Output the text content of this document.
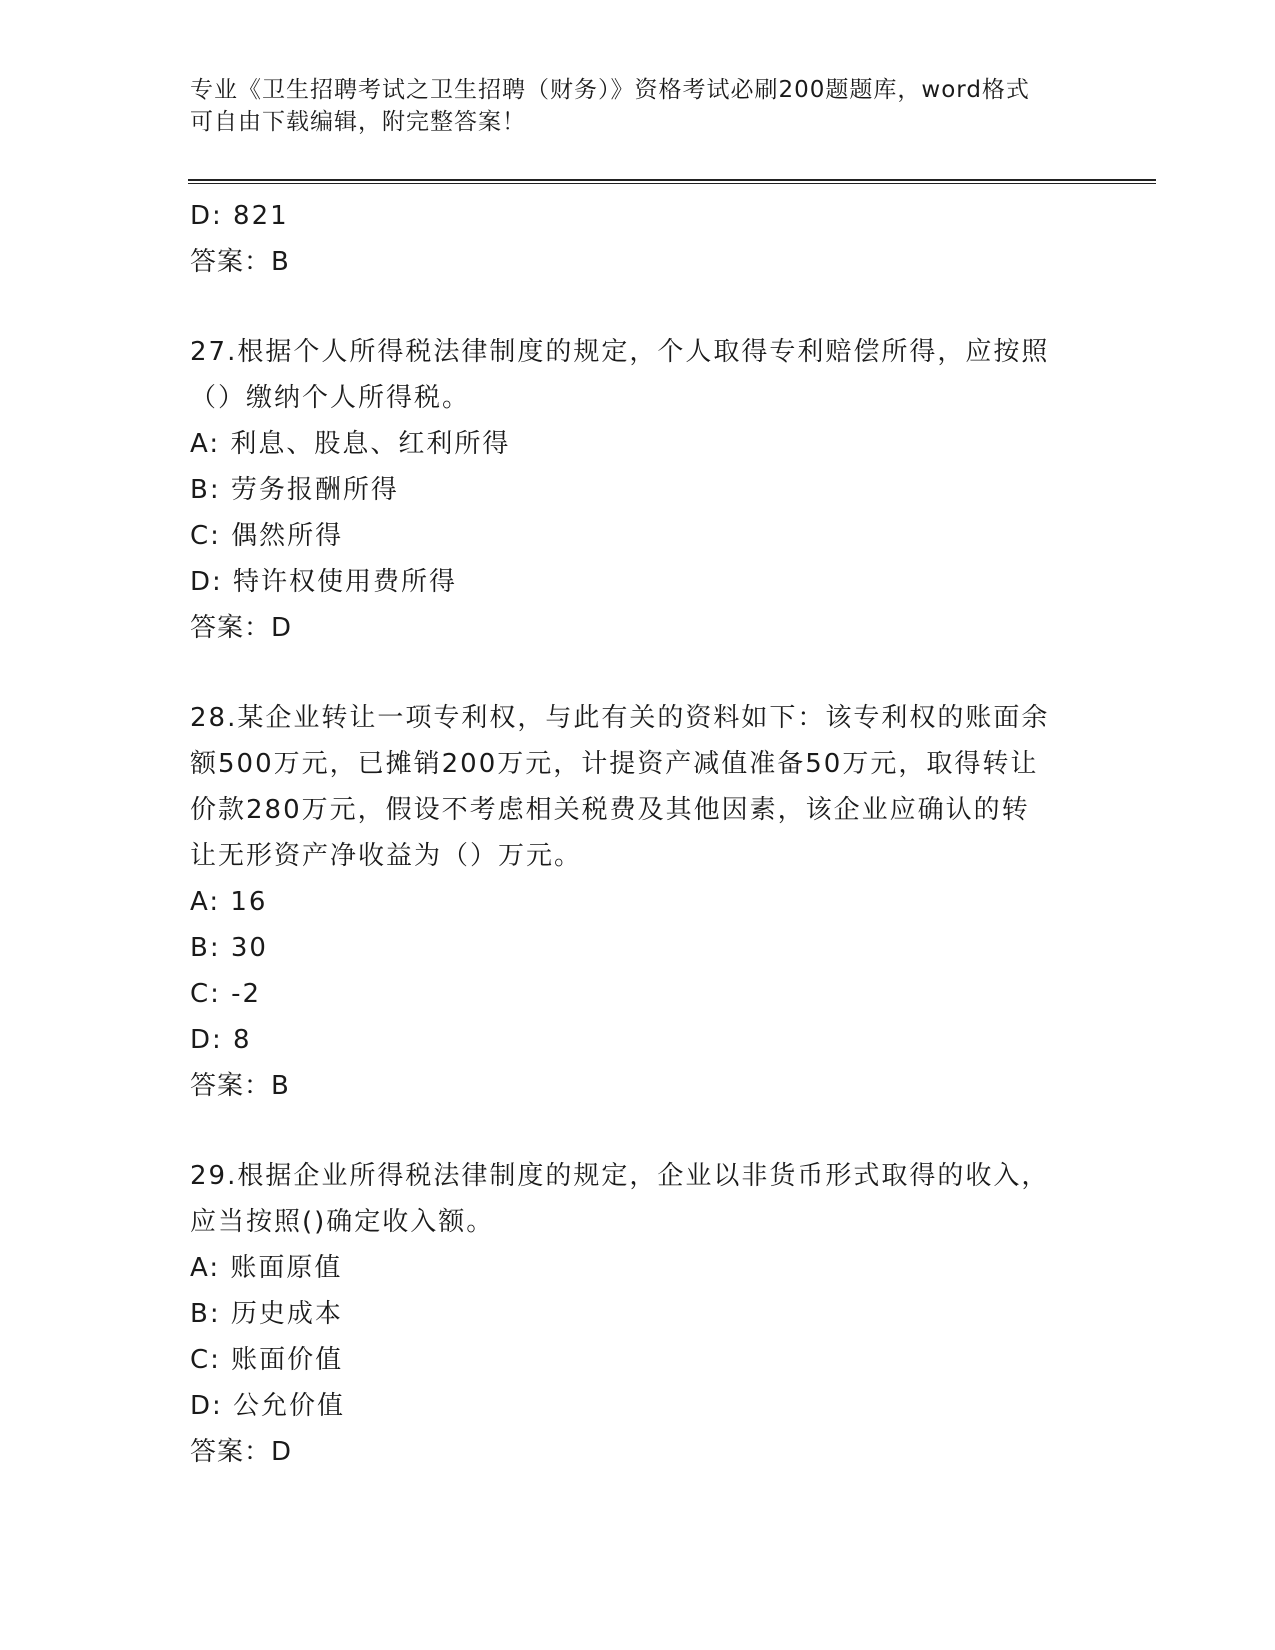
专业《卫生招聘考试之卫生招聘（财务）》资格考试必刷200题题库，word格式
可自由下载编辑，附完整答案！
D: 821
答案：B
27.根据个人所得税法律制度的规定，个人取得专利赔偿所得，应按照
（）缴纳个人所得税。
A: 利息、股息、红利所得
B: 劳务报酬所得
C: 偶然所得
D: 特许权使用费所得
答案：D
28.某企业转让一项专利权，与此有关的资料如下：该专利权的账面余
额500万元，已摊销200万元，计提资产减值准备50万元，取得转让
价款280万元，假设不考虑相关税费及其他因素，该企业应确认的转
让无形资产净收益为（）万元。
A: 16
B: 30
C: -2
D: 8
答案：B
29.根据企业所得税法律制度的规定，企业以非货币形式取得的收入，
应当按照()确定收入额。
A: 账面原值
B: 历史成本
C: 账面价值
D: 公允价值
答案：D
